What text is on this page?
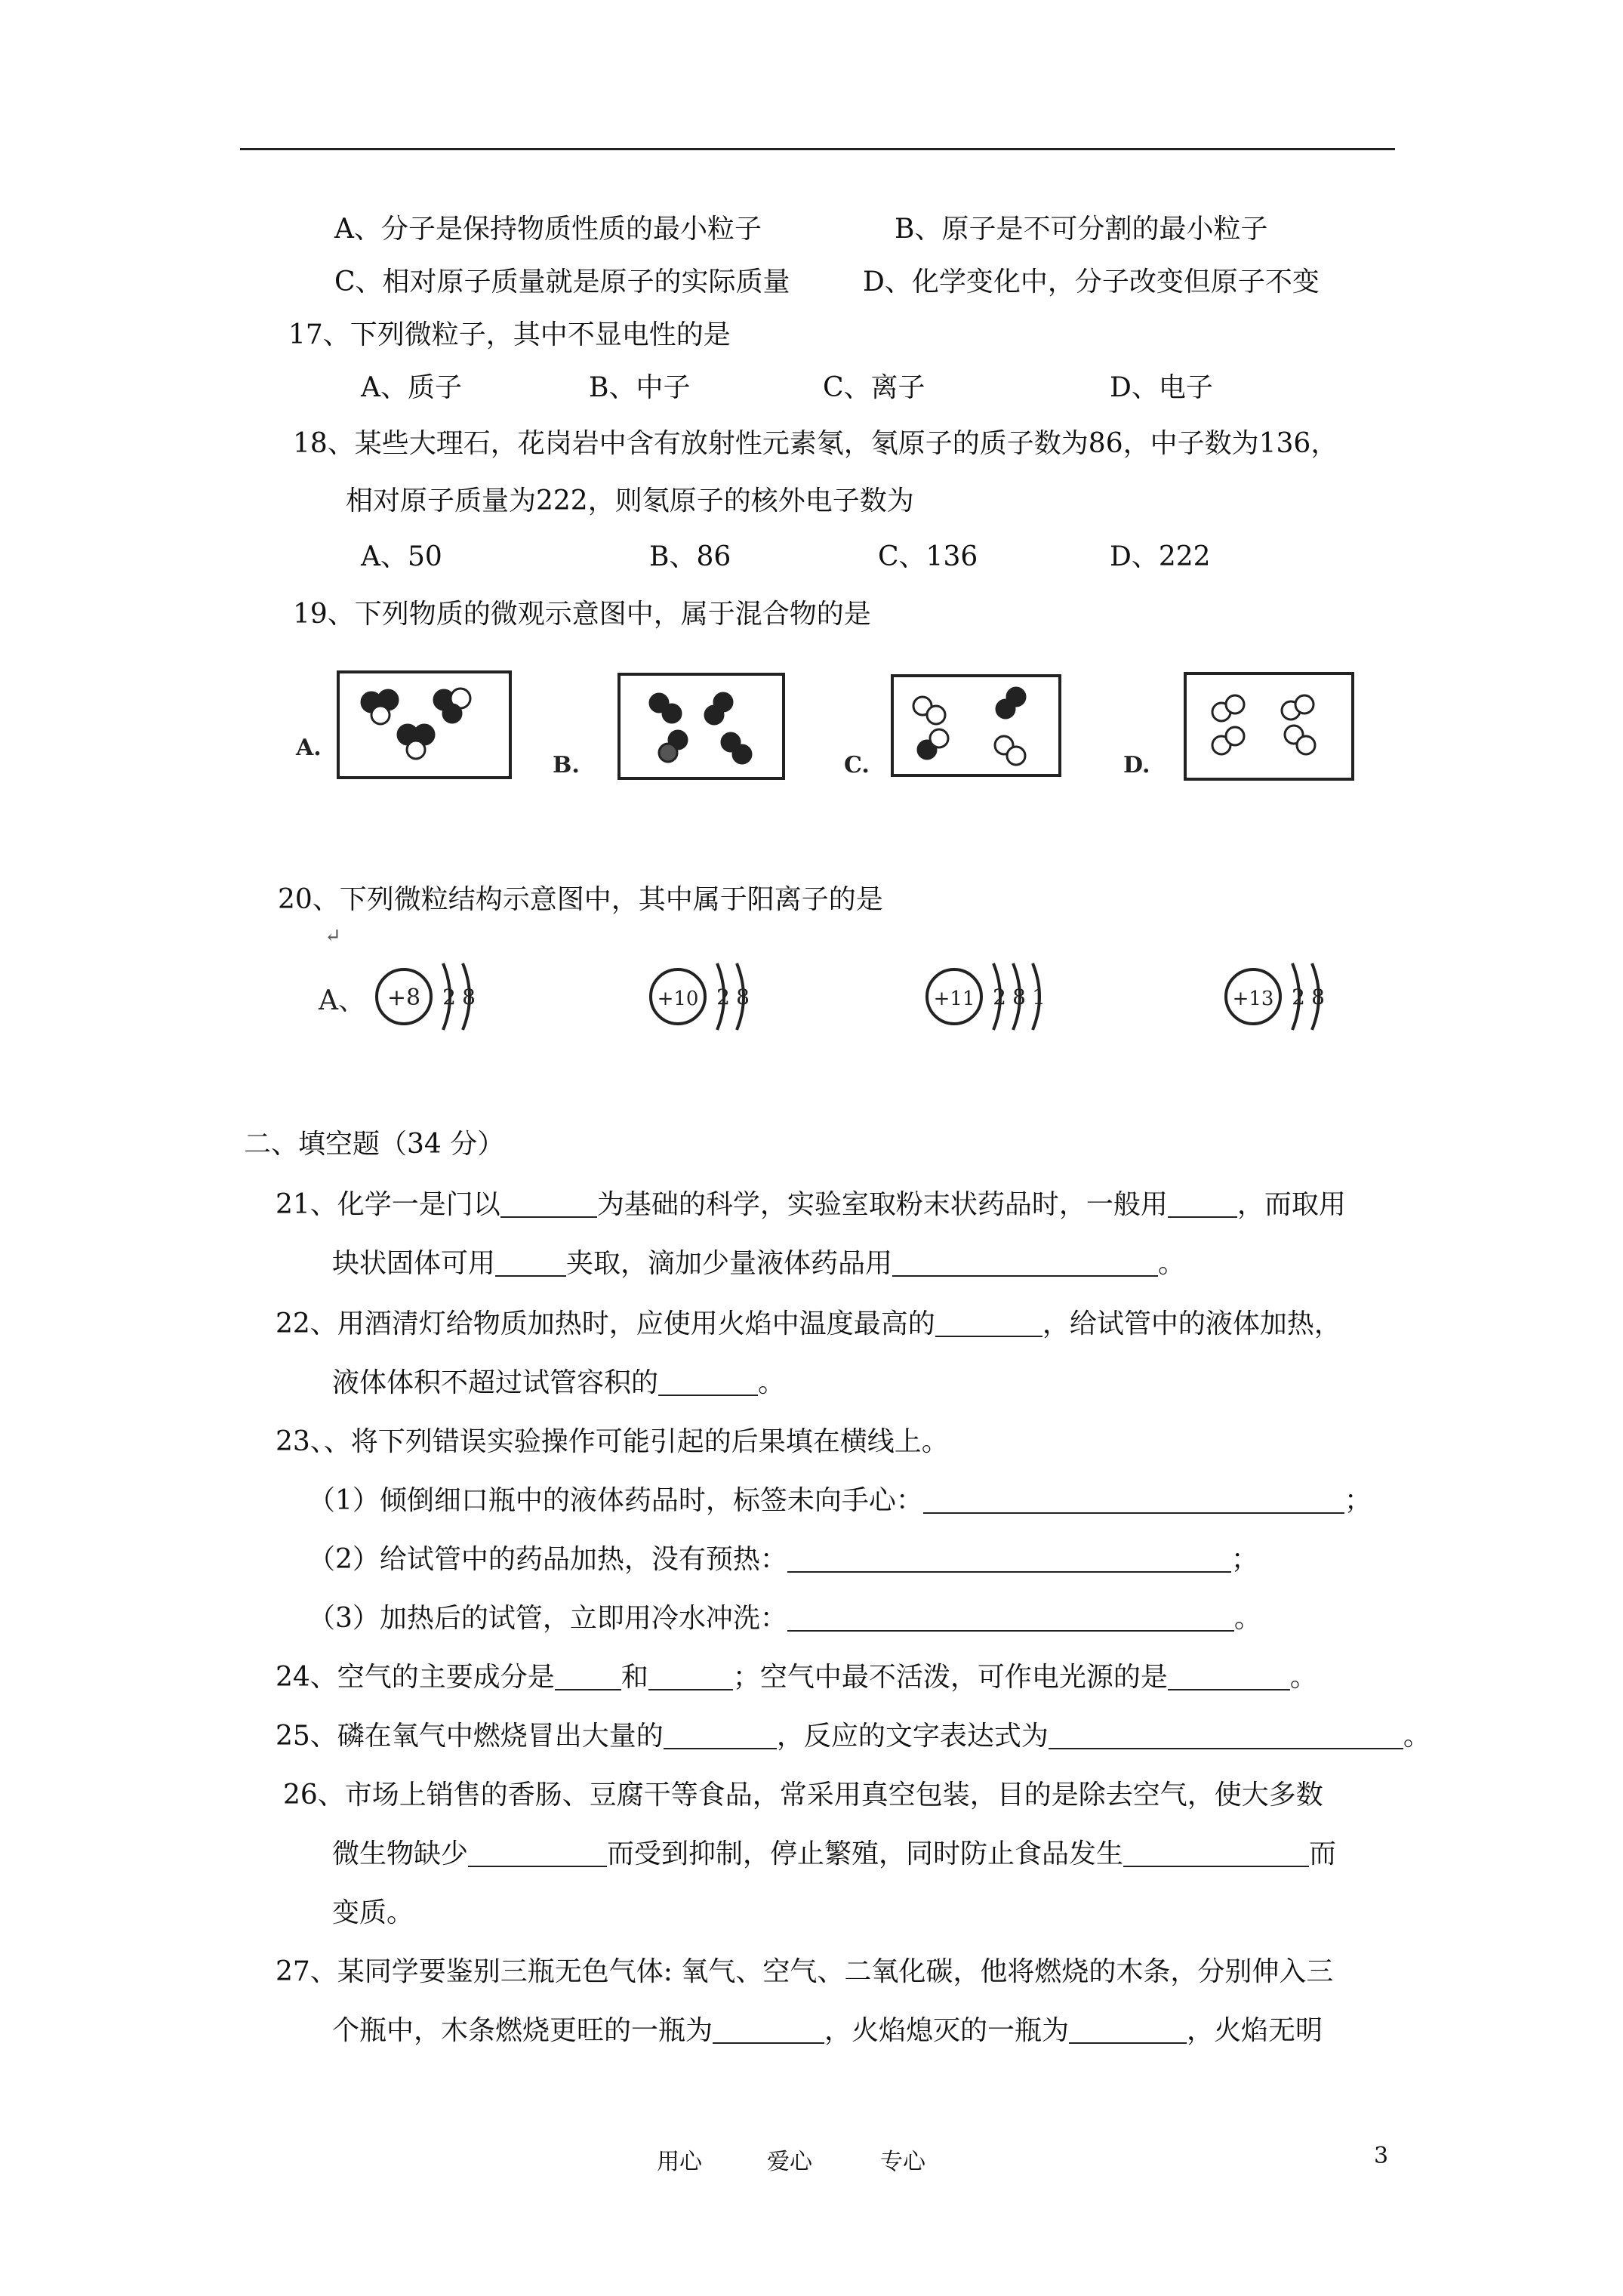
A、分子是保持物质性质的最小粒子	B、原子是不可分割的最小粒子
C、相对原子质量就是原子的实际质量	D、化学变化中，分子改变但原子不变
17、下列微粒子，其中不显电性的是
A、质子	B、中子	C、离子	D、电子
18、某些大理石，花岗岩中含有放射性元素氡，氡原子的质子数为86，中子数为136，
相对原子质量为222，则氡原子的核外电子数为
A、50	B、86	C、136	D、222
19、下列物质的微观示意图中，属于混合物的是
A.
B.	C.	D.
20、下列微粒结构示意图中，其中属于阳离子的是
↵
A、 +8 2 8	+10 2 8	+11 2 8 1	+13 2 8
二、填空题（34 分）
21、化学一是门以	为基础的科学，实验室取粉末状药品时，一般用	，而取用
块状固体可用	夹取，滴加少量液体药品用	。
22、用酒清灯给物质加热时，应使用火焰中温度最高的	，给试管中的液体加热，
液体体积不超过试管容积的	。
23、、将下列错误实验操作可能引起的后果填在横线上。
（1）倾倒细口瓶中的液体药品时，标签未向手心：	；
（2）给试管中的药品加热，没有预热：	；
（3）加热后的试管，立即用冷水冲洗：	。
24、空气的主要成分是 和	；空气中最不活泼，可作电光源的是	。
25、磷在氧气中燃烧冒出大量的	，反应的文字表达式为	。
26、市场上销售的香肠、豆腐干等食品，常采用真空包装，目的是除去空气，使大多数
微生物缺少	而受到抑制，停止繁殖，同时防止食品发生	而
变质。
27、某同学要鉴别三瓶无色气体: 氧气、空气、二氧化碳，他将燃烧的木条，分别伸入三
个瓶中，木条燃烧更旺的一瓶为	，火焰熄灭的一瓶为	，火焰无明
用心	爱心	专心	3
